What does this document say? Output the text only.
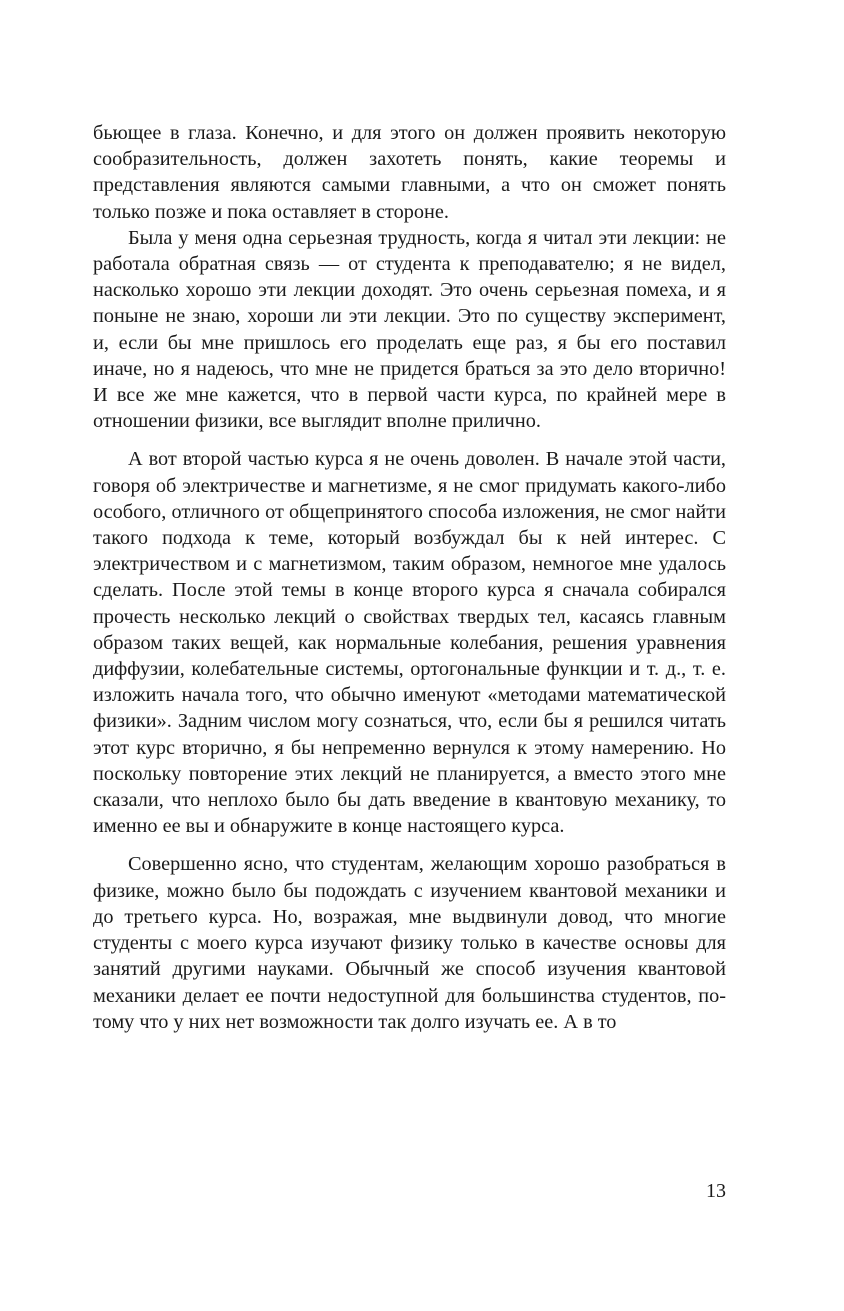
бьющее в глаза. Конечно, и для этого он должен проявить некоторую сообразительность, должен захотеть понять, какие теоремы и представления являются самыми главными, а что он сможет понять только позже и пока оставляет в стороне.

Была у меня одна серьезная трудность, когда я читал эти лекции: не работала обратная связь — от студента к преподавателю; я не видел, насколько хорошо эти лекции доходят. Это очень серьезная помеха, и я поныне не знаю, хороши ли эти лекции. Это по существу эксперимент, и, если бы мне пришлось его проделать еще раз, я бы его поставил иначе, но я надеюсь, что мне не придется браться за это дело вторично! И все же мне кажется, что в первой части курса, по крайней мере в отношении физики, все выглядит вполне прилично.

А вот второй частью курса я не очень доволен. В начале этой части, говоря об электричестве и магнетизме, я не смог придумать какого-либо особого, отличного от общепринятого способа изложения, не смог найти такого подхода к теме, который возбуждал бы к ней интерес. С электричеством и с магнетизмом, таким образом, немногое мне удалось сделать. После этой темы в конце второго курса я сначала собирался прочесть несколько лекций о свойствах твердых тел, касаясь главным образом таких вещей, как нормальные колебания, решения уравнения диффузии, колебательные системы, ортогональные функции и т. д., т. е. изложить начала того, что обычно именуют «методами математической физики». Задним числом могу сознаться, что, если бы я решился читать этот курс вторично, я бы непременно вернулся к этому намерению. Но поскольку повторение этих лекций не планируется, а вместо этого мне сказали, что неплохо было бы дать введение в квантовую механику, то именно ее вы и обнаружите в конце настоящего курса.

Совершенно ясно, что студентам, желающим хорошо разобраться в физике, можно было бы подождать с изучением квантовой механики и до третьего курса. Но, возражая, мне выдвинули довод, что многие студенты с моего курса изучают физику только в качестве основы для занятий другими науками. Обычный же способ изучения квантовой механики делает ее почти недоступной для большинства студентов, потому что у них нет возможности так долго изучать ее. А в то

13
